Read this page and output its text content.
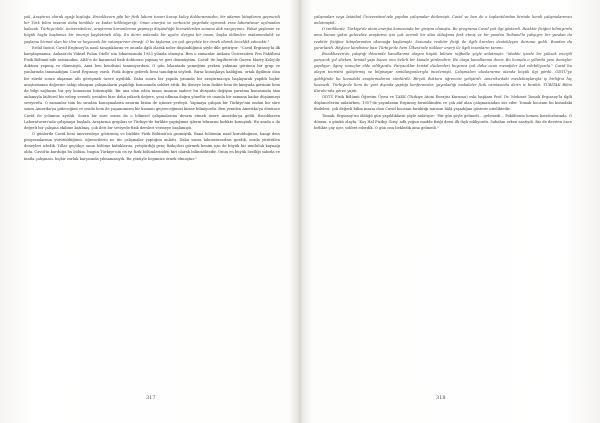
yok. Araştırıcı olarak ayağı boşluğa. Brookhaven gibi bir fizik labora tuvarı kurup kuley dolduramazdın, bir adamın kitaplarını geçmezdi bir Türk bilim insanın daha kimlikle ve kadar bilihtoyeriği. Onun enerjisi ve verkezini yayınlıda ayırarak esra laboratuvar açılmadan kalacak. Türkiye'deki, üniversitelere, araştırma kurumlarına yapmayı düşündüğü hizmetlerden sonuna dek vazgeçmez. Fakat yaşlanan ve büyük hayla başlamaz bir önerigi kaybetmek ölüş. En derin anlamda bir ayıdır, dergisi bir insan, başka ikilimleri makamındalık ve yaşlama hizmet olan bir ilim ve heyecanlı bir vatanperver örneği. O bu taşlama, en çok gerçekte bir örnek olarak önceldik edecekti."

Erdal İnönü, Cavid Erginsoy'la nasıl tanıştıklarını ve onunla ilgili olarak neler düşündüğünü şöyle dile getiriyor: "Cavid Erginsoy'la ilk karşılaşmamız, Ankara'da Yüksel Pulan Otelli' nin lokantasında 1953 yılında olmuştu. Ben o zamanlar Ankara Üniversitesi Fen Fakültesi Fizik Bölümü'nde asistandım. ABD'n de karamsal fizik doktorası yapmış ve geri dönmüştüm. Cavid' de İngiltere'de Queen Marry Kolej'de doktora yapmış ve dönmüştü, Ama ben kendisini tanımıyordum. O gün lokantada yemeğimi yerken yakınını görünen bir grup ve yanlarında tanımadığım Cavid Erginsoy vardı. Fizik doğru gelerek beni tanıdığını söyledi. Biraz konuşkaya kaldığım, ortak ilgilimiz olan bir sürdü sonra akşamın altı görüşmek üzere ayrıldık. Daha sonra bir yapıda yanında bir araştırmacıya başlayarak yapıldı hiçbir araştırmanın değerine sahip olmayan çalışmaların yapıldığı konusunda sohbet ettik. Bu deneye hem fizikte hem de kimyada görünür hem de bilgi sağlarını bir şey konusunu bitirmiştik. Bir ana olan eden insan insanın sadece bu dünyada değişim yaratma konusunda tam anlamıyla kültürel bir sebep verirdi, yeniden bize daha yüksek değere, yeni ufkuna doğru yöneltir ve onunla bir zamana kadar düşünmeyi seviyordu. O zamanlar tüm bu sıradan konuşmaların sanırım bizim de içimize yerleşti. Yapmaya çalışan bir Türkiye'nin ondan bir süre sonra Amerika'ya gideceğimi ve orada hem de yaşamımızın bir kısmını geçireceğimizi kimse bilmiyordu. Ben yeniden Amerika'ya dönünce Cavid ile yolumuz ayrıldı. Sonra bir süre sonra da o bilimsel çalışmalarına devam etmek üzere Amerika'ya geldi. Brookhaven Laboratuvarı'nda çalışmaya başladı. Araştırma grupları ve Türkiye'de birlikte yaptığımız işlerin tekrarını birlikte konuştuk. Bu arada o da değerli bir çalışma ekibine katılmış, çok ileri bir seviyede fizik dersleri vermeye başlamıştı.

O günlerde Cavid beni üniversiteye götürmüş ve birlikte Fizik Bölümü'nü gezmiştik. Bana bölümün nasıl kurulduğunu, hangi ders programlarının yürütüldüğünü, öğrencilerin ne tür çalışmalar yaptığını anlattı. Daha sonra laboratuvarları gezdik, orada yürütülen deneyleri izledik. Yıllar geçtikçe onun bölüme kattıklarını, yetiştirdiği genç fizikçileri görmek benim için de büyük bir mutluluk kaynağı oldu. Cavid'in kurduğu bu bölüm, bugün Türkiye'nin en iyi fizik bölümlerinden biri olarak bilinmektedir. Onun en büyük özelliği sabırla ve inatla çalışması, hiçbir zorluk karşısında yılmamasıydı. Bu yönüyle hepimize örnek olmuştur."

317

çalışmaları veya İstanbul Üniversitesi'nde yapılan çalışmalar dinlemişti. Cavid ve ben de o toplantılardan birinde kendi çalışmalarımızı anlatmıştık.

O tarihlerde, Türkiye'de atom enerjisi konusunda bir girişim olmuştu. Bu programa Cavid çok ilgi gösterdi. Reaktör fiziğini bilmiyordu ama bunun yakın gelecekte araştırma için çok verimli bir alan olduğuna fark etmiş ve bir yandan Teiband'la çalışıyor, bir yandan da reaktör fiziğine kitaplarından okumağa başlamıştı. Sonunda reaktör fiziği ile ilgili kursları destekleyen durumu geldi. Bundan da yararlandı. Böylece kendisine bazı Türkiye'de hem Ülkesi'nde nükleer enerji ile ilgili insanların tanımı.

Brookhaven'de çalıştığı dönemde kanallanma olayını büyük bilinen rağbetle şöyle anlatmıştı: "Madde içinde bir yüksek enerjili parçacık yol alırken, kristal yapı bazen onu belirli bir kanala yönlendirir. Bu olaya kanallanma denir. Bu konuda o yıllarda yeni deneyler yapılıyor, ilginç sonuçlar elde ediliyordu. Parçacıklar kristal düzlemleri boyunca çok daha uzun mesafeler kat edebiliyordu." Cavid bu olayın teorisini geliştirmiş ve bilgisayar simülasyonlarıyla incelemişti. Çalışmaları uluslararası alanda büyük ilgi gördü. ODTÜ'ye geldiğinde bu konudaki araştırmalarını sürdürdü. Birçok doktora öğrencisi yetiştirdi. Amerika'daki meslektaşlarıyla iş birliğini hiç kesmedi. Türkiye'de hem de yurt dışında yaptığı konferanslar, yayınladığı makaleler fizik camiasında derin iz bıraktı. TÜBİTAK Bilim Kurulu'nda görev yaptı.

ODTÜ Fizik Bölümü Öğretim Üyesi ve TAEK (Türkiye Atom Enerjisi Kurumu) eski başkanı Prof. Dr. Mehmet Tomak Erginsoy'la ilgili düşüncelerini anlatırken, 1957'de yayınlanan Erginsoy formülünden ve çok atıf alan çalışmasından söz eder. Tomak hocanın bu konudaki ifadeleri, çok değerli bilim insanı olan Cavid hocanın bıraktığı mirasın hâlâ yaşadığını gösterir niteliktedir.

Tomak, Erginsoy'un öldüğü gün yapıldıkların şöyle anlatıyor: "Bir gün şöyle gelmedi... gelemedi... Fakültenin hemen koridorlarında. O dönem, o günkü olayla, 'Koş Hal Fizikçi Giriş' adlı yoğun madde fiziği dersi ilk dışlı ediliyordu. Sabahın erken saatiydi. Biz de dersten önce birlikte çay içer, sohbet ederdik. O gün onu bekledik ama gelmedi."

318
